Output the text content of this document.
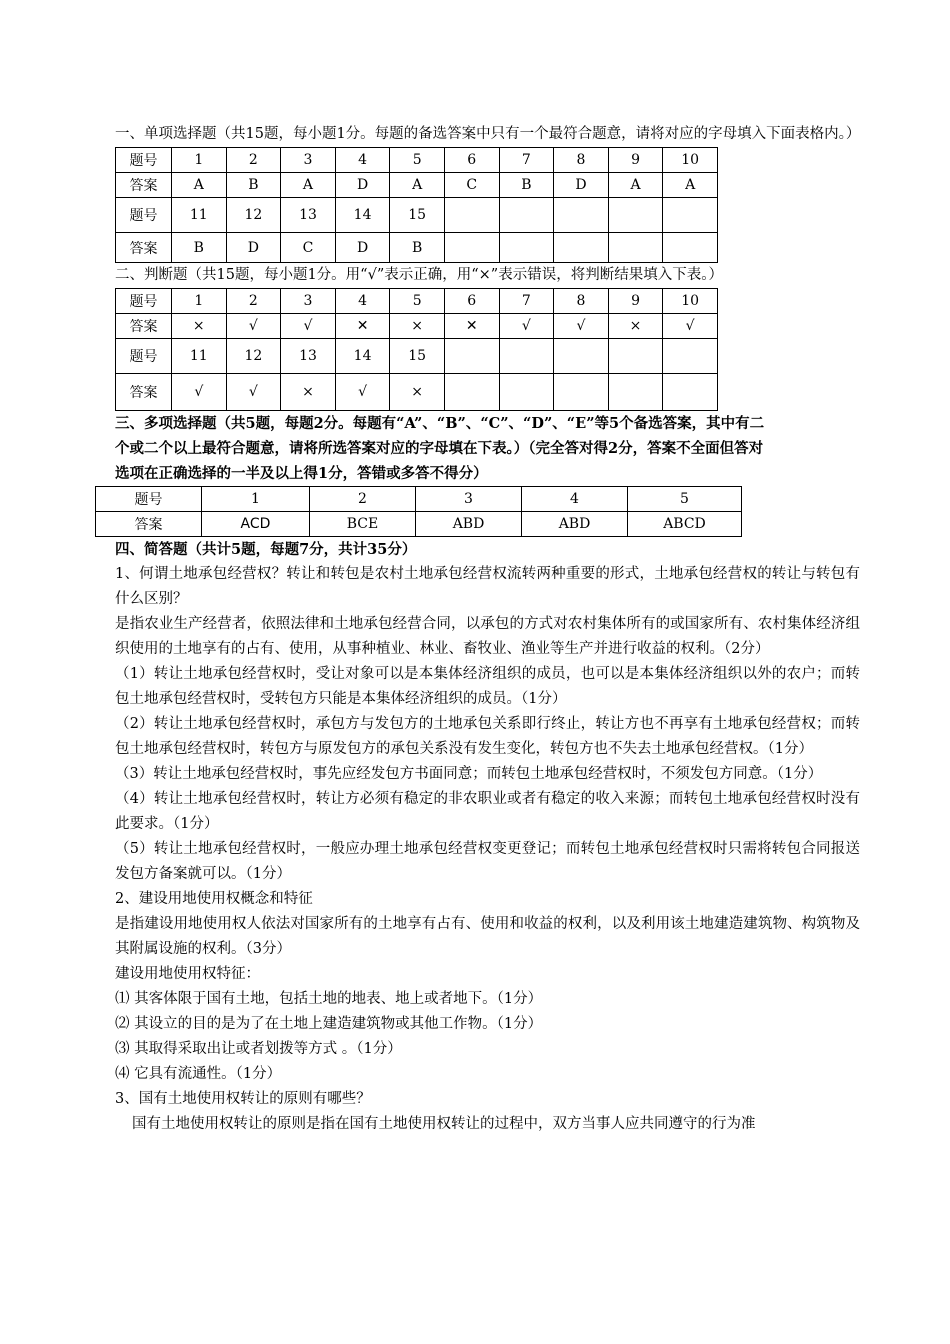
一、单项选择题（共15题，每小题1分。每题的备选答案中只有一个最符合题意，请将对应的字母填入下面表格内。）

题号	1	2	3	4	5	6	7	8	9	10
答案	A	B	A	D	A	C	B	D	A	A
题号	11	12	13	14	15					
答案	B	D	C	D	B					

二、判断题（共15题，每小题1分。用“√”表示正确，用“×”表示错误，将判断结果填入下表。）

题号	1	2	3	4	5	6	7	8	9	10
答案	×	√	√	✕	×	✕	√	√	×	√
题号	11	12	13	14	15					
答案	√	√	×	√	×					

三、多项选择题（共5题，每题2分。每题有“A”、“B”、“C”、“D”、“E”等5个备选答案，其中有二

个或二个以上最符合题意，请将所选答案对应的字母填在下表。）（完全答对得2分，答案不全面但答对

选项在正确选择的一半及以上得1分，答错或多答不得分）

题号	1	2	3	4	5
答案	ACD	BCE	ABD	ABD	ABCD

四、简答题（共计5题，每题7分，共计35分）

1、何谓土地承包经营权？转让和转包是农村土地承包经营权流转两种重要的形式，土地承包经营权的转让与转包有什么区别？

是指农业生产经营者，依照法律和土地承包经营合同，以承包的方式对农村集体所有的或国家所有、农村集体经济组织使用的土地享有的占有、使用，从事种植业、林业、畜牧业、渔业等生产并进行收益的权利。（2分）

（1）转让土地承包经营权时，受让对象可以是本集体经济组织的成员，也可以是本集体经济组织以外的农户；而转包土地承包经营权时，受转包方只能是本集体经济组织的成员。（1分）

（2）转让土地承包经营权时，承包方与发包方的土地承包关系即行终止，转让方也不再享有土地承包经营权；而转包土地承包经营权时，转包方与原发包方的承包关系没有发生变化，转包方也不失去土地承包经营权。（1分）

（3）转让土地承包经营权时，事先应经发包方书面同意；而转包土地承包经营权时，不须发包方同意。（1分）

（4）转让土地承包经营权时，转让方必须有稳定的非农职业或者有稳定的收入来源；而转包土地承包经营权时没有此要求。（1分）

（5）转让土地承包经营权时，一般应办理土地承包经营权变更登记；而转包土地承包经营权时只需将转包合同报送发包方备案就可以。（1分）

2、建设用地使用权概念和特征

是指建设用地使用权人依法对国家所有的土地享有占有、使用和收益的权利，以及利用该土地建造建筑物、构筑物及其附属设施的权利。（3分）

建设用地使用权特征：

⑴ 其客体限于国有土地，包括土地的地表、地上或者地下。（1分）

⑵ 其设立的目的是为了在土地上建造建筑物或其他工作物。（1分）

⑶ 其取得采取出让或者划拨等方式 。（1分）

⑷ 它具有流通性。（1分）

3、国有土地使用权转让的原则有哪些？

国有土地使用权转让的原则是指在国有土地使用权转让的过程中，双方当事人应共同遵守的行为准
